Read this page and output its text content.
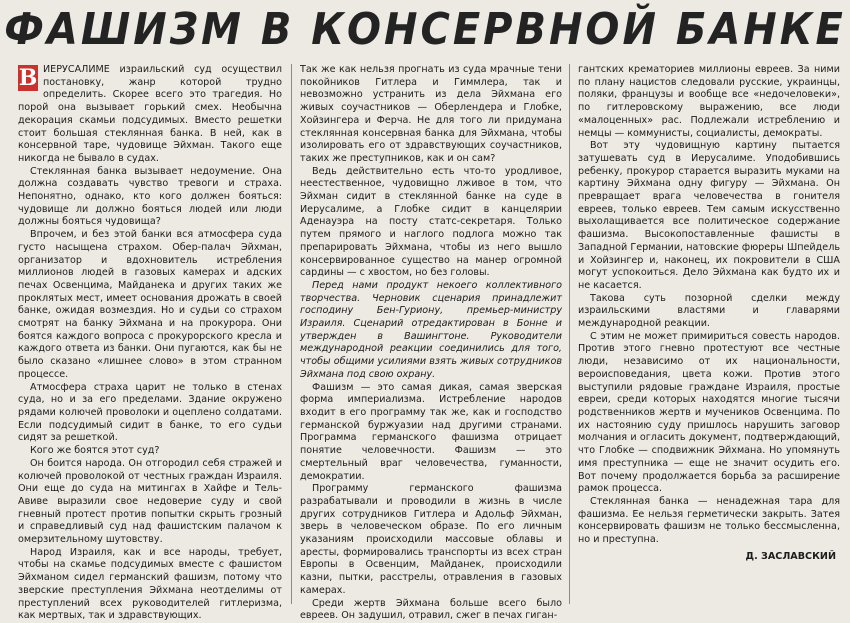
ФАШИЗМ В КОНСЕРВНОЙ БАНКЕ

В ИЕРУСАЛИМЕ израильский суд осуществил постановку, жанр которой трудно определить. Скорее всего это трагедия. Но порой она вызывает горький смех. Необычна декорация скамьи подсудимых. Вместо решетки стоит большая стеклянная банка. В ней, как в консервной таре, чудовище Эйхман. Такого еще никогда не бывало в судах.

Стеклянная банка вызывает недоумение. Она должна создавать чувство тревоги и страха. Непонятно, однако, кто кого должен бояться: чудовище ли должно бояться людей или люди должны бояться чудовища?

Впрочем, и без этой банки вся атмосфера суда густо насыщена страхом. Обер-палач Эйхман, организатор и вдохновитель истребления миллионов людей в газовых камерах и адских печах Освенцима, Майданека и других таких же проклятых мест, имеет основания дрожать в своей банке, ожидая возмездия. Но и судьи со страхом смотрят на банку Эйхмана и на прокурора. Они боятся каждого вопроса с прокурорского кресла и каждого ответа из банки. Они пугаются, как бы не было сказано «лишнее слово» в этом странном процессе.

Атмосфера страха царит не только в стенах суда, но и за его пределами. Здание окружено рядами колючей проволоки и оцеплено солдатами. Если подсудимый сидит в банке, то его судьи сидят за решеткой.

Кого же боятся этот суд?

Он боится народа. Он отгородил себя стражей и колючей проволокой от честных граждан Израиля. Они еще до суда на митингах в Хайфе и Тель-Авиве выразили свое недоверие суду и свой гневный протест против попытки скрыть грозный и справедливый суд над фашистским палачом к омерзительному шутовству.

Народ Израиля, как и все народы, требует, чтобы на скамье подсудимых вместе с фашистом Эйхманом сидел германский фашизм, потому что зверские преступления Эйхмана неотделимы от преступлений всех руководителей гитлеризма, как мертвых, так и здравствующих.

Так же как нельзя прогнать из суда мрачные тени покойников Гитлера и Гиммлера, так и невозможно устранить из дела Эйхмана его живых соучастников — Оберлендера и Глобке, Хойзингера и Ферча. Не для того ли придумана стеклянная консервная банка для Эйхмана, чтобы изолировать его от здравствующих соучастников, таких же преступников, как и он сам?

Ведь действительно есть что-то уродливое, неестественное, чудовищно лживое в том, что Эйхман сидит в стеклянной банке на суде в Иерусалиме, а Глобке сидит в канцелярии Аденауэра на посту статс-секретаря. Только путем прямого и наглого подлога можно так препарировать Эйхмана, чтобы из него вышло консервированное существо на манер огромной сардины — с хвостом, но без головы.

Перед нами продукт некоего коллективного творчества. Черновик сценария принадлежит господину Бен-Гуриону, премьер-министру Израиля. Сценарий отредактирован в Бонне и утвержден в Вашингтоне. Руководители международной реакции соединились для того, чтобы общими усилиями взять живых сотрудников Эйхмана под свою охрану.

Фашизм — это самая дикая, самая зверская форма империализма. Истребление народов входит в его программу так же, как и господство германской буржуазии над другими странами. Программа германского фашизма отрицает понятие человечности. Фашизм — это смертельный враг человечества, гуманности, демократии.

Программу германского фашизма разрабатывали и проводили в жизнь в числе других сотрудников Гитлера и Адольф Эйхман, зверь в человеческом образе. По его личным указаниям происходили массовые облавы и аресты, формировались транспорты из всех стран Европы в Освенцим, Майданек, происходили казни, пытки, расстрелы, отравления в газовых камерах.

Среди жертв Эйхмана больше всего было евреев. Он задушил, отравил, сжег в печах гиган-

гантских крематориев миллионы евреев. За ними по плану нацистов следовали русские, украинцы, поляки, французы и вообще все «недочеловеки», по гитлеровскому выражению, все люди «малоценных» рас. Подлежали истреблению и немцы — коммунисты, социалисты, демократы.

Вот эту чудовищную картину пытается затушевать суд в Иерусалиме. Уподобившись ребенку, прокурор старается выразить муками на картину Эйхмана одну фигуру — Эйхмана. Он превращает врага человечества в гонителя евреев, только евреев. Тем самым искусственно выхолащивается все политическое содержание фашизма. Высокопоставленные фашисты в Западной Германии, натовские фюреры Шпейдель и Хойзингер и, наконец, их покровители в США могут успокоиться. Дело Эйхмана как будто их и не касается.

Такова суть позорной сделки между израильскими властями и главарями международной реакции.

С этим не может примириться совесть народов. Против этого гневно протестуют все честные люди, независимо от их национальности, вероисповедания, цвета кожи. Против этого выступили рядовые граждане Израиля, простые евреи, среди которых находятся многие тысячи родственников жертв и мучеников Освенцима. По их настоянию суду пришлось нарушить заговор молчания и огласить документ, подтверждающий, что Глобке — сподвижник Эйхмана. Но упомянуть имя преступника — еще не значит осудить его. Вот почему продолжается борьба за расширение рамок процесса.

Стеклянная банка — ненадежная тара для фашизма. Ее нельзя герметически закрыть. Затея консервировать фашизм не только бессмысленна, но и преступна.

Д. ЗАСЛАВСКИЙ
